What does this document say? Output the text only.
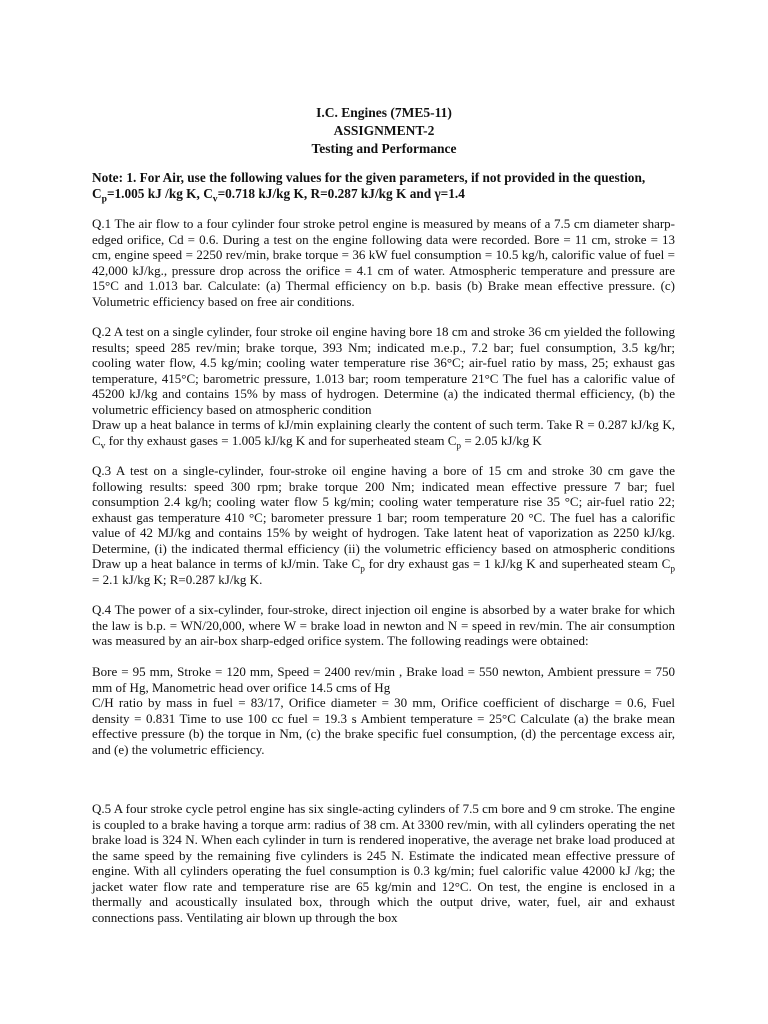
I.C. Engines (7ME5-11)
ASSIGNMENT-2
Testing and Performance
Note: 1. For Air, use the following values for the given parameters, if not provided in the question,
$C_p=1.005$ kJ /kg K, $C_v=0.718$ kJ/kg K, R=0.287 kJ/kg K and γ=1.4

Q.1 The air flow to a four cylinder four stroke petrol engine is measured by means of a 7.5 cm diameter sharp-edged orifice, Cd = 0.6. During a test on the engine following data were recorded. Bore = 11 cm, stroke = 13 cm, engine speed = 2250 rev/min, brake torque = 36 kW fuel consumption = 10.5 kg/h, calorific value of fuel = 42,000 kJ/kg., pressure drop across the orifice = 4.1 cm of water. Atmospheric temperature and pressure are 15°C and 1.013 bar. Calculate: (a) Thermal efficiency on b.p. basis (b) Brake mean effective pressure. (c) Volumetric efficiency based on free air conditions.

Q.2 A test on a single cylinder, four stroke oil engine having bore 18 cm and stroke 36 cm yielded the following results; speed 285 rev/min; brake torque, 393 Nm; indicated m.e.p., 7.2 bar; fuel consumption, 3.5 kg/hr; cooling water flow, 4.5 kg/min; cooling water temperature rise 36°C; air-fuel ratio by mass, 25; exhaust gas temperature, 415°C; barometric pressure, 1.013 bar; room temperature 21°C The fuel has a calorific value of 45200 kJ/kg and contains 15% by mass of hydrogen. Determine (a) the indicated thermal efficiency, (b) the volumetric efficiency based on atmospheric condition

Draw up a heat balance in terms of kJ/min explaining clearly the content of such term. Take R = 0.287 kJ/kg K, $C_v$ for thy exhaust gases = 1.005 kJ/kg K and for superheated steam $C_p = 2.05$ kJ/kg K

Q.3 A test on a single-cylinder, four-stroke oil engine having a bore of 15 cm and stroke 30 cm gave the following results: speed 300 rpm; brake torque 200 Nm; indicated mean effective pressure 7 bar; fuel consumption 2.4 kg/h; cooling water flow 5 kg/min; cooling water temperature rise 35 °C; air-fuel ratio 22; exhaust gas temperature 410 °C; barometer pressure 1 bar; room temperature 20 °C. The fuel has a calorific value of 42 MJ/kg and contains 15% by weight of hydrogen. Take latent heat of vaporization as 2250 kJ/kg. Determine, (i) the indicated thermal efficiency (ii) the volumetric efficiency based on atmospheric conditions Draw up a heat balance in terms of kJ/min. Take $C_p$ for dry exhaust gas = 1 kJ/kg K and superheated steam $C_p = 2.1$ kJ/kg K; R=0.287 kJ/kg K.

Q.4 The power of a six-cylinder, four-stroke, direct injection oil engine is absorbed by a water brake for which the law is b.p. = WN/20,000, where W = brake load in newton and N = speed in rev/min. The air consumption was measured by an air-box sharp-edged orifice system. The following readings were obtained:

Bore = 95 mm, Stroke = 120 mm, Speed = 2400 rev/min , Brake load = 550 newton, Ambient pressure = 750 mm of Hg, Manometric head over orifice 14.5 cms of Hg

C/H ratio by mass in fuel = 83/17, Orifice diameter = 30 mm, Orifice coefficient of discharge = 0.6, Fuel density = 0.831 Time to use 100 cc fuel = 19.3 s Ambient temperature = 25°C Calculate (a) the brake mean effective pressure (b) the torque in Nm, (c) the brake specific fuel consumption, (d) the percentage excess air, and (e) the volumetric efficiency.

Q.5 A four stroke cycle petrol engine has six single-acting cylinders of 7.5 cm bore and 9 cm stroke. The engine is coupled to a brake having a torque arm: radius of 38 cm. At 3300 rev/min, with all cylinders operating the net brake load is 324 N. When each cylinder in turn is rendered inoperative, the average net brake load produced at the same speed by the remaining five cylinders is 245 N. Estimate the indicated mean effective pressure of engine. With all cylinders operating the fuel consumption is 0.3 kg/min; fuel calorific value 42000 kJ /kg; the jacket water flow rate and temperature rise are 65 kg/min and 12°C. On test, the engine is enclosed in a thermally and acoustically insulated box, through which the output drive, water, fuel, air and exhaust connections pass. Ventilating air blown up through the box
